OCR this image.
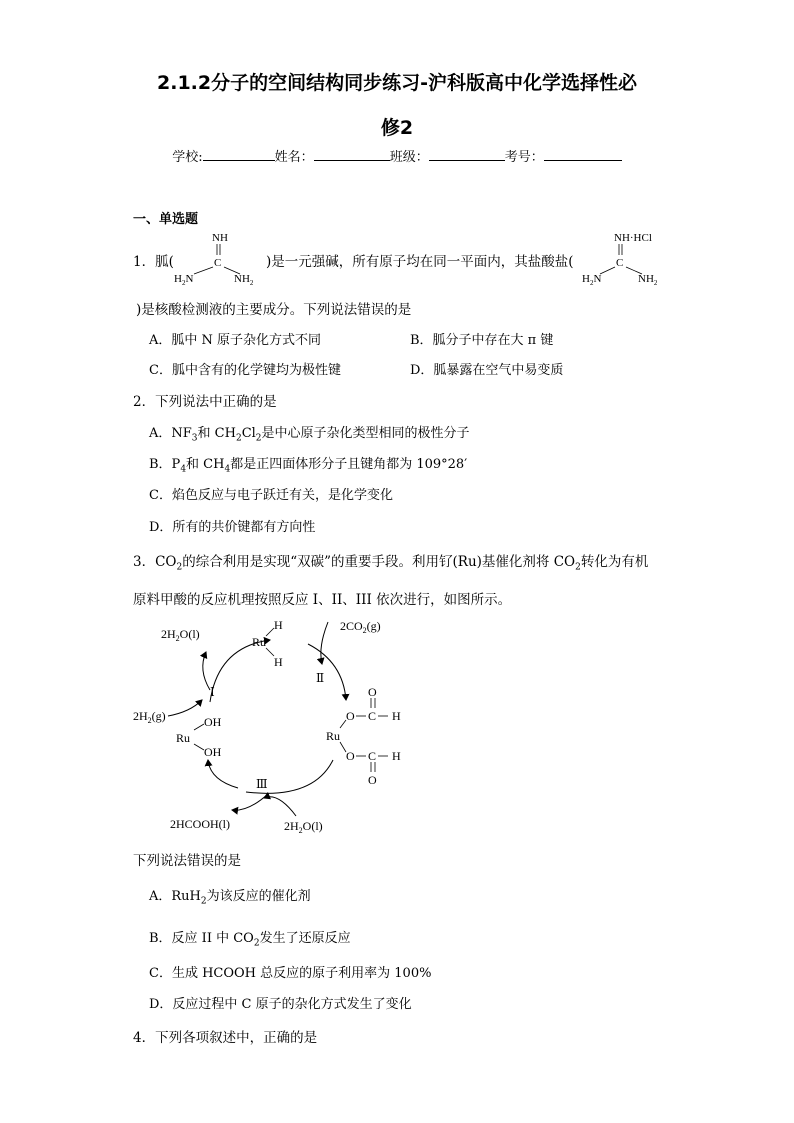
2.1.2分子的空间结构同步练习-沪科版高中化学选择性必
修2
学校:	姓名：	班级：	考号：
一、单选题
1．胍(
NH
C
$H_2N$	$NH_2$
)是一元强碱，所有原子均在同一平面内，其盐酸盐(
NH·HCl
C
$H_2N$	$NH_2$
)是核酸检测液的主要成分。下列说法错误的是
A．胍中 N 原子杂化方式不同	B．胍分子中存在大 π 键
C．胍中含有的化学键均为极性键	D．胍暴露在空气中易变质
2．下列说法中正确的是
A．$NF_3$和 $CH_2Cl_2$是中心原子杂化类型相同的极性分子
B．$P_4$和 $CH_4$都是正四面体形分子且键角都为 109°28′
C．焰色反应与电子跃迁有关，是化学变化
D．所有的共价键都有方向性
3．$CO_2$的综合利用是实现“双碳”的重要手段。利用钌(Ru)基催化剂将 $CO_2$转化为有机
原料甲酸的反应机理按照反应 I、II、III 依次进行，如图所示。
$2H_2O(l)$
$2CO_2(g)$
$2H_2(g)$
2HCOOH(l)	$2H_2O(l)$
Ⅰ
Ⅱ
Ⅲ
Ru
H
H
Ru
OH
OH
Ru
O C
O
H
O C
O
H
下列说法错误的是
A．RuH$_2$为该反应的催化剂
B．反应 II 中 $CO_2$发生了还原反应
C．生成 HCOOH 总反应的原子利用率为 100%
D．反应过程中 C 原子的杂化方式发生了变化
4．下列各项叙述中，正确的是
